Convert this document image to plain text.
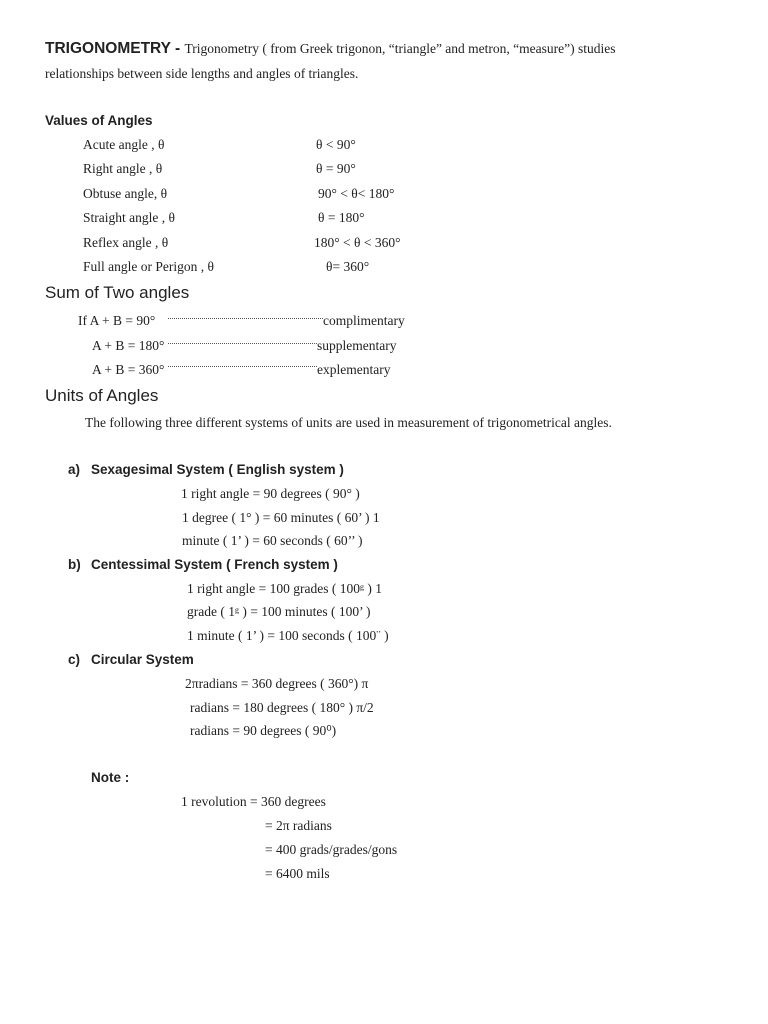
TRIGONOMETRY - Trigonometry ( from Greek trigonon, “triangle” and metron, “measure”) studies
relationships between side lengths and angles of triangles.
Values of Angles
Acute angle , θ	θ < 90°
Right angle , θ	θ = 90°
Obtuse angle, θ	90° < θ< 180°
Straight angle , θ	θ = 180°
Reflex angle , θ	180° < θ < 360°
Full angle or Perigon , θ	θ= 360°
Sum of Two angles
If A + B = 90°	complimentary
A + B = 180°	supplementary
A + B = 360°	explementary
Units of Angles
The following three different systems of units are used in measurement of trigonometrical angles.
a) Sexagesimal System ( English system )
1 right angle = 90 degrees ( 90° )
1 degree ( 1° ) = 60 minutes ( 60’ ) 1
minute ( 1’ ) = 60 seconds ( 60’’ )
b) Centessimal System ( French system )
1 right angle = 100 grades ( 100ᵍ ) 1
grade ( 1ᵍ ) = 100 minutes ( 100’ )
1 minute ( 1’ ) = 100 seconds ( 100¨ )
c) Circular System
2πradians = 360 degrees ( 360°) π
radians = 180 degrees ( 180° ) π/2
radians = 90 degrees ( 90⁰)
Note :
1 revolution = 360 degrees
= 2π radians
= 400 grads/grades/gons
= 6400 mils
